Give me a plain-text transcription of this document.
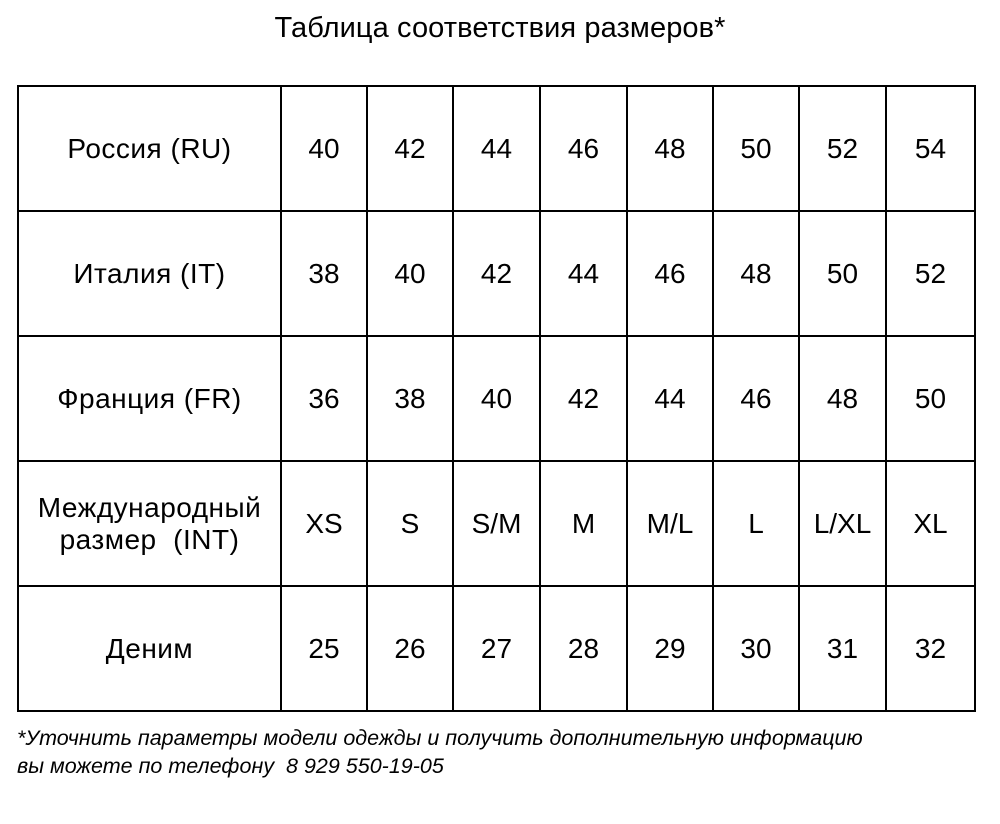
Таблица соответствия размеров*
Россия (RU)	40	42	44	46	48	50	52	54
Италия (IT)	38	40	42	44	46	48	50	52
Франция (FR)	36	38	40	42	44	46	48	50

Международный
размер  (INT)	XS	S	S/M	M	M/L	L	L/XL	XL
Деним	25	26	27	28	29	30	31	32
*Уточнить параметры модели одежды и получить дополнительную информацию
вы можете по телефону  8 929 550-19-05
